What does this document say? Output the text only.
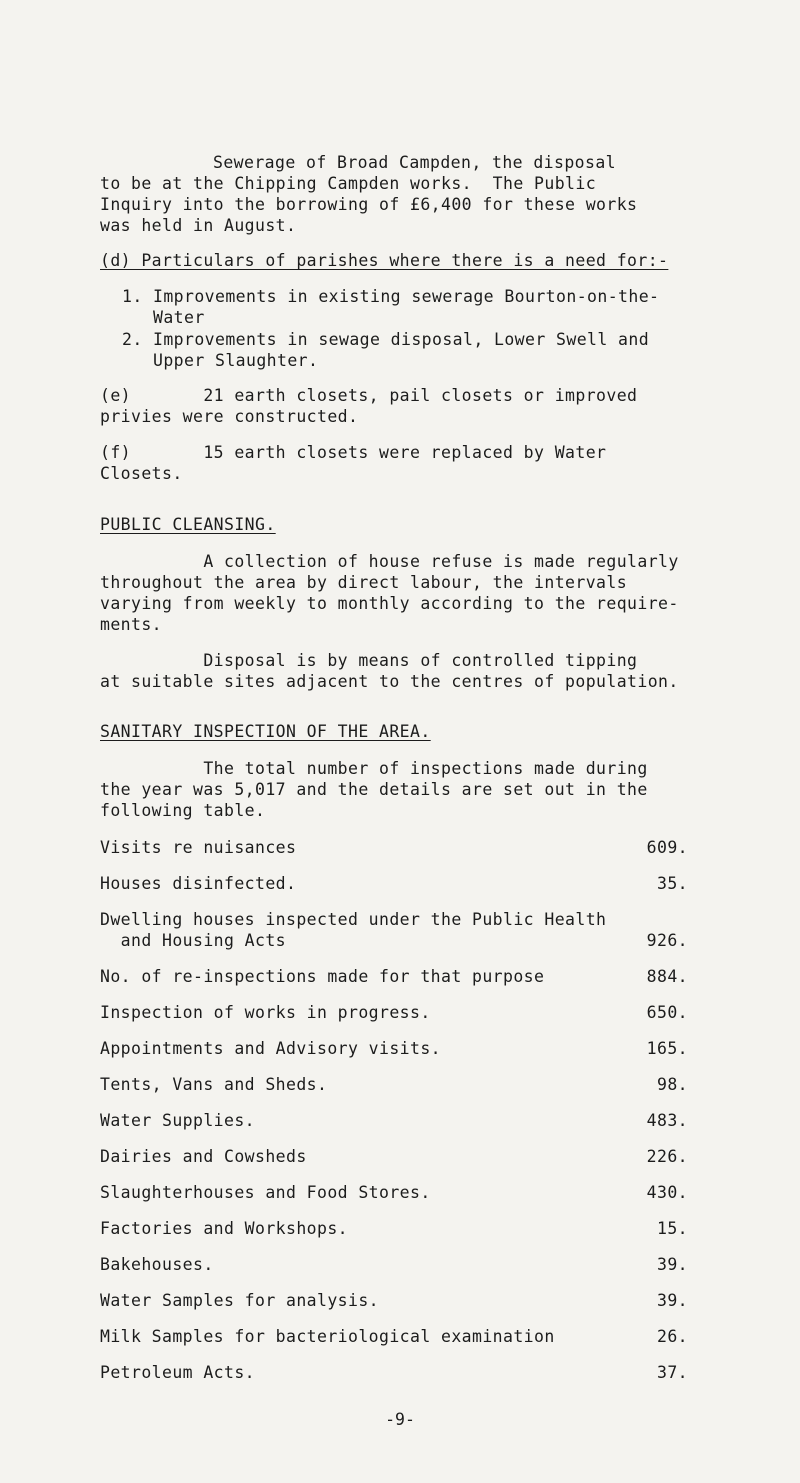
Sewerage of Broad Campden, the disposal
to be at the Chipping Campden works.  The Public
Inquiry into the borrowing of £6,400 for these works
was held in August.
(d) Particulars of parishes where there is a need for:-
1. Improvements in existing sewerage Bourton-on-the-
Water
2. Improvements in sewage disposal, Lower Swell and
Upper Slaughter.
(e)       21 earth closets, pail closets or improved
privies were constructed.
(f)       15 earth closets were replaced by Water
Closets.
PUBLIC CLEANSING.
A collection of house refuse is made regularly
throughout the area by direct labour, the intervals
varying from weekly to monthly according to the require-
ments.
Disposal is by means of controlled tipping
at suitable sites adjacent to the centres of population.
SANITARY INSPECTION OF THE AREA.
The total number of inspections made during
the year was 5,017 and the details are set out in the
following table.
Visits re nuisances	609.
Houses disinfected.	35.
Dwelling houses inspected under the Public Health
and Housing Acts	926.
No. of re-inspections made for that purpose	884.
Inspection of works in progress.	650.
Appointments and Advisory visits.	165.
Tents, Vans and Sheds.	98.
Water Supplies.	483.
Dairies and Cowsheds	226.
Slaughterhouses and Food Stores.	430.
Factories and Workshops.	15.
Bakehouses.	39.
Water Samples for analysis.	39.
Milk Samples for bacteriological examination	26.
Petroleum Acts.	37.
-9-
